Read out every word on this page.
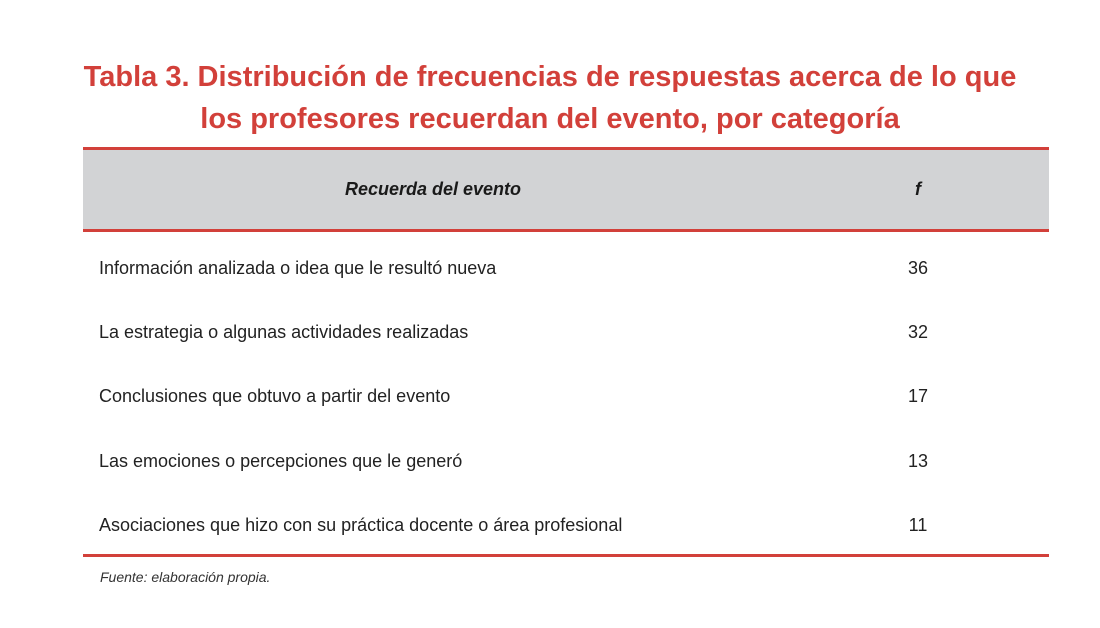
Tabla 3. Distribución de frecuencias de respuestas acerca de lo que
los profesores recuerdan del evento, por categoría
Recuerda del evento	f
Información analizada o idea que le resultó nueva	36
La estrategia o algunas actividades realizadas	32
Conclusiones que obtuvo a partir del evento	17
Las emociones o percepciones que le generó	13
Asociaciones que hizo con su práctica docente o área profesional	11
Fuente: elaboración propia.
